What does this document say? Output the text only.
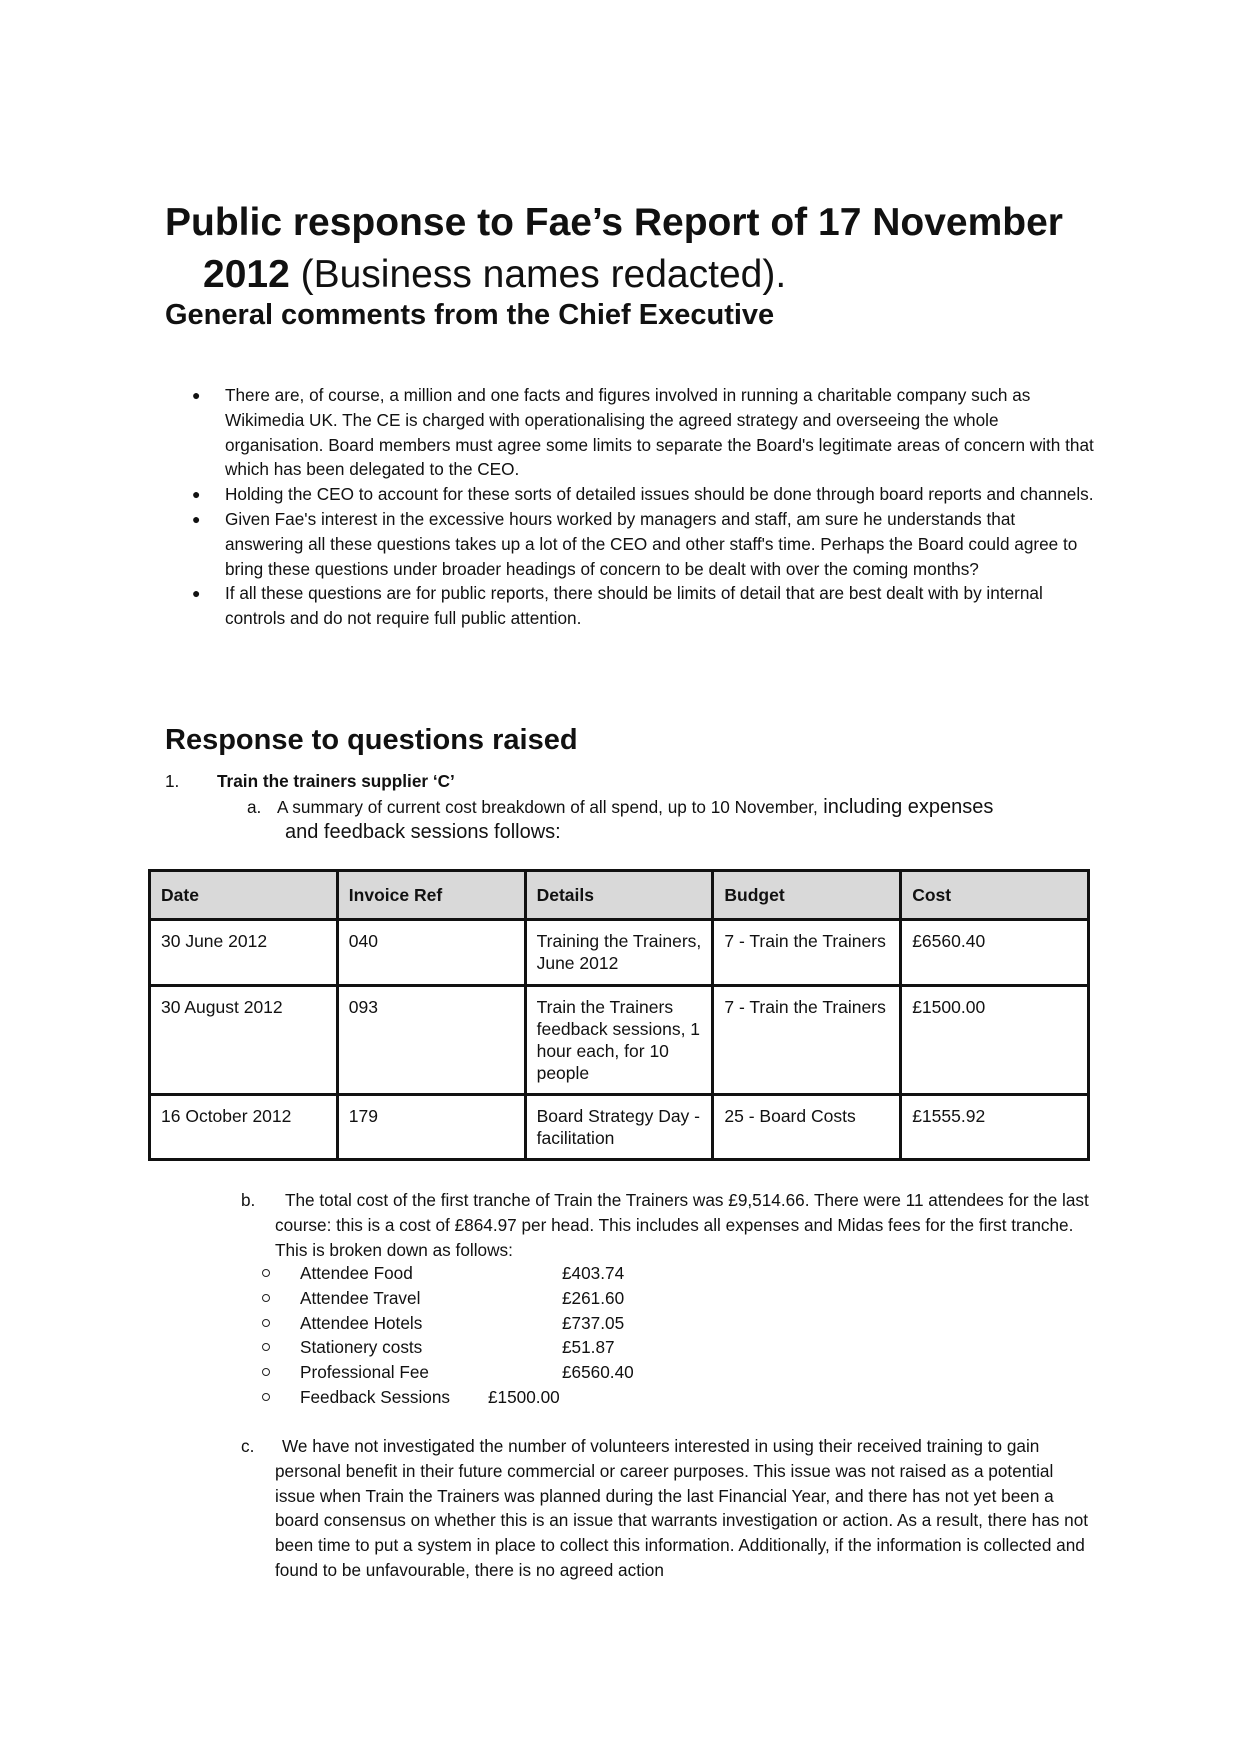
Public response to Fae’s Report of 17 November
2012 (Business names redacted).
General comments from the Chief Executive
● There are, of course, a million and one facts and figures involved in running a charitable company such as Wikimedia UK. The CE is charged with operationalising the agreed strategy and overseeing the whole organisation. Board members must agree some limits to separate the Board's legitimate areas of concern with that which has been delegated to the CEO.
● Holding the CEO to account for these sorts of detailed issues should be done through board reports and channels.
● Given Fae's interest in the excessive hours worked by managers and staff, am sure he understands that answering all these questions takes up a lot of the CEO and other staff's time. Perhaps the Board could agree to bring these questions under broader headings of concern to be dealt with over the coming months?
● If all these questions are for public reports, there should be limits of detail that are best dealt with by internal controls and do not require full public attention.
Response to questions raised
1. Train the trainers supplier ‘C’
a. A summary of current cost breakdown of all spend, up to 10 November, including expenses
and feedback sessions follows:
Date	Invoice Ref	Details	Budget	Cost
30 June 2012	040	Training the Trainers, June 2012	7 - Train the Trainers	£6560.40
30 August 2012	093	Train the Trainers feedback sessions, 1 hour each, for 10 people	7 - Train the Trainers	£1500.00
16 October 2012	179	Board Strategy Day - facilitation	25 - Board Costs	£1555.92
b. The total cost of the first tranche of Train the Trainers was £9,514.66. There were 11 attendees for the last course: this is a cost of £864.97 per head. This includes all expenses and Midas fees for the first tranche. This is broken down as follows:
Attendee Food	£403.74
Attendee Travel	£261.60
Attendee Hotels	£737.05
Stationery costs	£51.87
Professional Fee	£6560.40
Feedback Sessions £1500.00
c. We have not investigated the number of volunteers interested in using their received training to gain personal benefit in their future commercial or career purposes. This issue was not raised as a potential issue when Train the Trainers was planned during the last Financial Year, and there has not yet been a board consensus on whether this is an issue that warrants investigation or action. As a result, there has not been time to put a system in place to collect this information. Additionally, if the information is collected and found to be unfavourable, there is no agreed action
